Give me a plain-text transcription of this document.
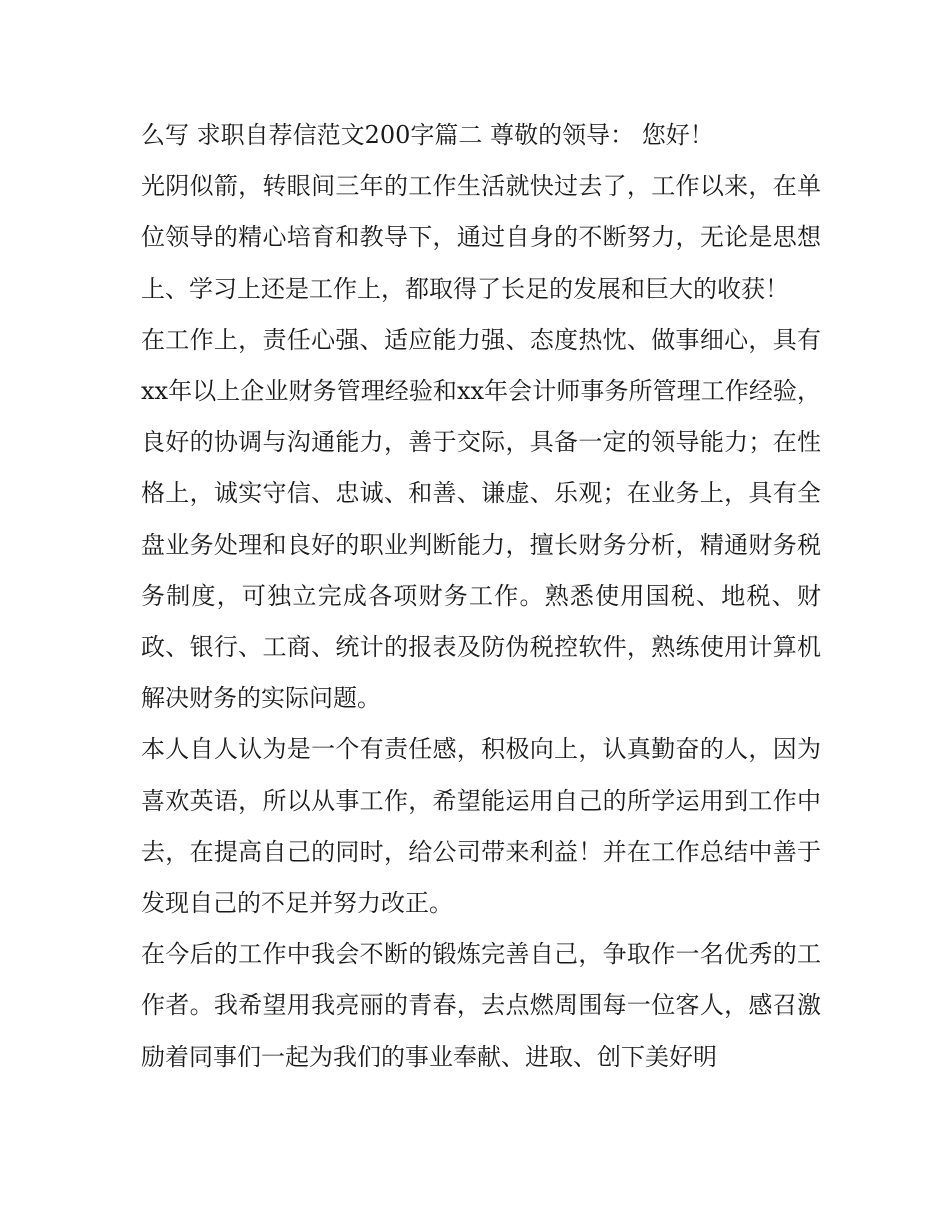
么写 求职自荐信范文200字篇二 尊敬的领导： 您好！

光阴似箭，转眼间三年的工作生活就快过去了，工作以来，在单位领导的精心培育和教导下，通过自身的不断努力，无论是思想上、学习上还是工作上，都取得了长足的发展和巨大的收获！

在工作上，责任心强、适应能力强、态度热忱、做事细心，具有xx年以上企业财务管理经验和xx年会计师事务所管理工作经验，良好的协调与沟通能力，善于交际，具备一定的领导能力；在性格上，诚实守信、忠诚、和善、谦虚、乐观；在业务上，具有全盘业务处理和良好的职业判断能力，擅长财务分析，精通财务税务制度，可独立完成各项财务工作。熟悉使用国税、地税、财政、银行、工商、统计的报表及防伪税控软件，熟练使用计算机解决财务的实际问题。

本人自人认为是一个有责任感，积极向上，认真勤奋的人，因为喜欢英语，所以从事工作，希望能运用自己的所学运用到工作中去，在提高自己的同时，给公司带来利益！并在工作总结中善于发现自己的不足并努力改正。

在今后的工作中我会不断的锻炼完善自己，争取作一名优秀的工作者。我希望用我亮丽的青春，去点燃周围每一位客人，感召激励着同事们一起为我们的事业奉献、进取、创下美好明
